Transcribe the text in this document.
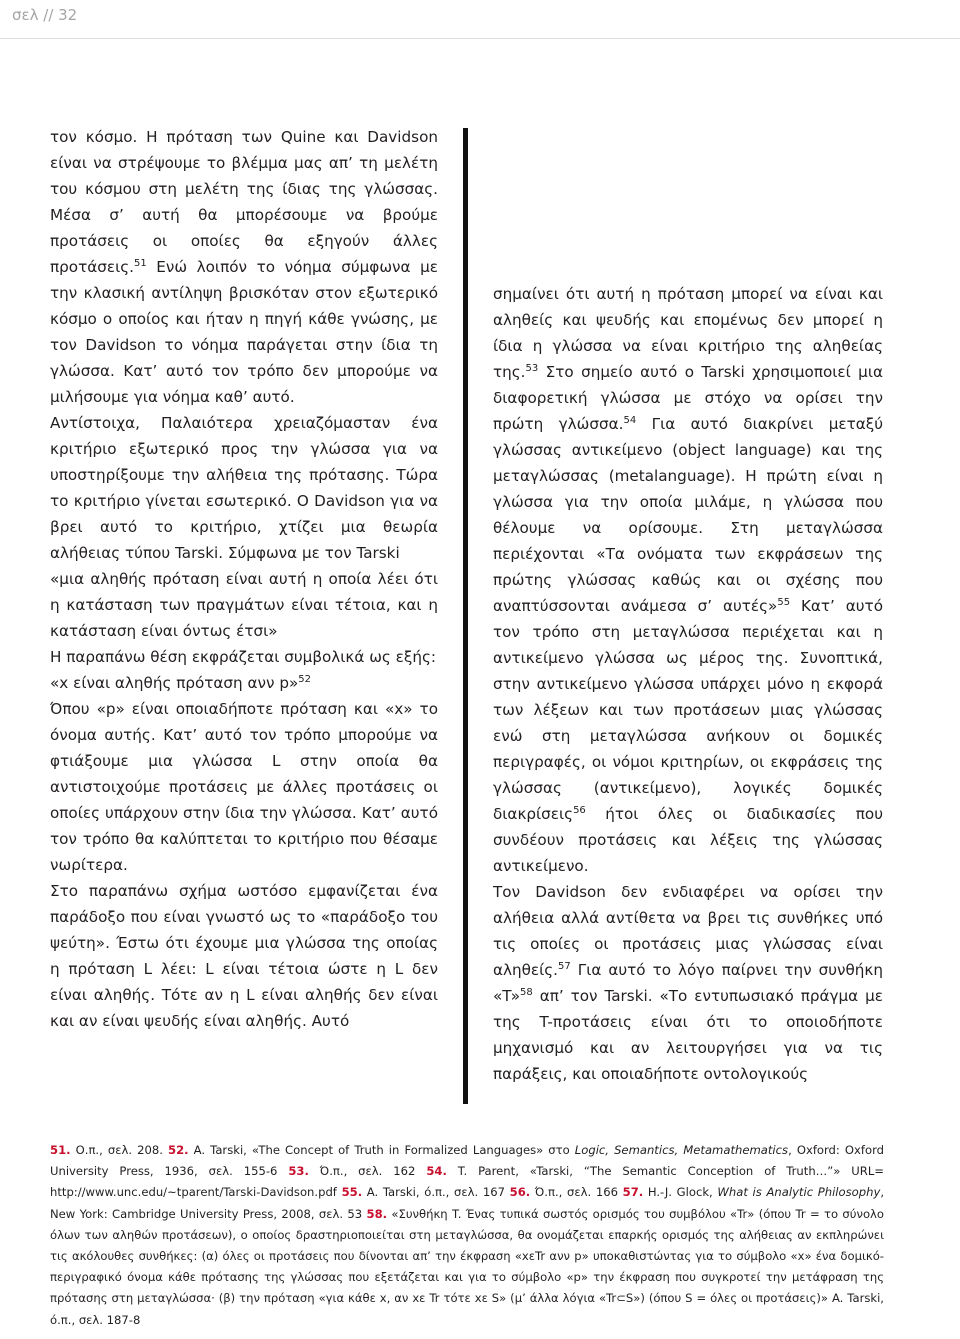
σελ // 32

τον κόσμο. Η πρόταση των Quine και Davidson είναι να στρέψουμε το βλέμμα μας απ’ τη μελέτη του κόσμου στη μελέτη της ίδιας της γλώσσας. Μέσα σ’ αυτή θα μπορέσουμε να βρούμε προτάσεις οι οποίες θα εξηγούν άλλες προτάσεις.$^{51}$ Ενώ λοιπόν το νόημα σύμφωνα με την κλασική αντίληψη βρισκόταν στον εξωτερικό κόσμο ο οποίος και ήταν η πηγή κάθε γνώσης, με τον Davidson το νόημα παράγεται στην ίδια τη γλώσσα. Κατ’ αυτό τον τρόπο δεν μπορούμε να μιλήσουμε για νόημα καθ’ αυτό.

Αντίστοιχα, Παλαιότερα χρειαζόμασταν ένα κριτήριο εξωτερικό προς την γλώσσα για να υποστηρίξουμε την αλήθεια της πρότασης. Τώρα το κριτήριο γίνεται εσωτερικό. Ο Davidson για να βρει αυτό το κριτήριο, χτίζει μια θεωρία αλήθειας τύπου Tarski. Σύμφωνα με τον Tarski

«μια αληθής πρόταση είναι αυτή η οποία λέει ότι η κατάσταση των πραγμάτων είναι τέτοια, και η κατάσταση είναι όντως έτσι»

Η παραπάνω θέση εκφράζεται συμβολικά ως εξής:

«x είναι αληθής πρόταση ανν p»$^{52}$

Όπου «p» είναι οποιαδήποτε πρόταση και «x» το όνομα αυτής. Κατ’ αυτό τον τρόπο μπορούμε να φτιάξουμε μια γλώσσα L στην οποία θα αντιστοιχούμε προτάσεις με άλλες προτάσεις οι οποίες υπάρχουν στην ίδια την γλώσσα. Κατ’ αυτό τον τρόπο θα καλύπτεται το κριτήριο που θέσαμε νωρίτερα.

Στο παραπάνω σχήμα ωστόσο εμφανίζεται ένα παράδοξο που είναι γνωστό ως το «παράδοξο του ψεύτη». Έστω ότι έχουμε μια γλώσσα της οποίας η πρόταση L λέει: L είναι τέτοια ώστε η L δεν είναι αληθής. Τότε αν η L είναι αληθής δεν είναι και αν είναι ψευδής είναι αληθής. Αυτό

σημαίνει ότι αυτή η πρόταση μπορεί να είναι και αληθείς και ψευδής και επομένως δεν μπορεί η ίδια η γλώσσα να είναι κριτήριο της αληθείας της.$^{53}$ Στο σημείο αυτό ο Tarski χρησιμοποιεί μια διαφορετική γλώσσα με στόχο να ορίσει την πρώτη γλώσσα.$^{54}$ Για αυτό διακρίνει μεταξύ γλώσσας αντικείμενο (object language) και της μεταγλώσσας (metalanguage). Η πρώτη είναι η γλώσσα για την οποία μιλάμε, η γλώσσα που θέλουμε να ορίσουμε. Στη μεταγλώσσα περιέχονται «Τα ονόματα των εκφράσεων της πρώτης γλώσσας καθώς και οι σχέσης που αναπτύσσονται ανάμεσα σ’ αυτές»$^{55}$ Κατ’ αυτό τον τρόπο στη μεταγλώσσα περιέχεται και η αντικείμενο γλώσσα ως μέρος της. Συνοπτικά, στην αντικείμενο γλώσσα υπάρχει μόνο η εκφορά των λέξεων και των προτάσεων μιας γλώσσας ενώ στη μεταγλώσσα ανήκουν οι δομικές περιγραφές, οι νόμοι κριτηρίων, οι εκφράσεις της γλώσσας (αντικείμενο), λογικές δομικές διακρίσεις$^{56}$ ήτοι όλες οι διαδικασίες που συνδέουν προτάσεις και λέξεις της γλώσσας αντικείμενο.

Τον Davidson δεν ενδιαφέρει να ορίσει την αλήθεια αλλά αντίθετα να βρει τις συνθήκες υπό τις οποίες οι προτάσεις μιας γλώσσας είναι αληθείς.$^{57}$ Για αυτό το λόγο παίρνει την συνθήκη «T»$^{58}$ απ’ τον Tarski. «Το εντυπωσιακό πράγμα με της T-προτάσεις είναι ότι το οποιοδήποτε μηχανισμό και αν λειτουργήσει για να τις παράξεις, και οποιαδήποτε οντολογικούς

51. Ο.π., σελ. 208. 52. A. Tarski, «The Concept of Truth in Formalized Languages» στο Logic, Semantics, Metamathematics, Oxford: Oxford University Press, 1936, σελ. 155-6 53. Ό.π., σελ. 162 54. T. Parent, «Tarski, “The Semantic Conception of Truth…”» URL= http://www.unc.edu/~tparent/Tarski-Davidson.pdf 55. A. Tarski, ό.π., σελ. 167 56. Ό.π., σελ. 166 57. H.-J. Glock, What is Analytic Philosophy, New York: Cambridge University Press, 2008, σελ. 53 58. «Συνθήκη T. Ένας τυπικά σωστός ορισμός του συμβόλου «Tr» (όπου Tr = το σύνολο όλων των αληθών προτάσεων), ο οποίος δραστηριοποιείται στη μεταγλώσσα, θα ονομάζεται επαρκής ορισμός της αλήθειας αν εκπληρώνει τις ακόλουθες συνθήκες: (α) όλες οι προτάσεις που δίνονται απ’ την έκφραση «xεTr ανν p» υποκαθιστώντας για το σύμβολο «x» ένα δομικό-περιγραφικό όνομα κάθε πρότασης της γλώσσας που εξετάζεται και για το σύμβολο «p» την έκφραση που συγκροτεί την μετάφραση της πρότασης στη μεταγλώσσα· (β) την πρόταση «για κάθε x, αν xε Tr τότε xε S» (μ’ άλλα λόγια «Tr⊂S») (όπου S = όλες οι προτάσεις)» A. Tarski, ό.π., σελ. 187-8
